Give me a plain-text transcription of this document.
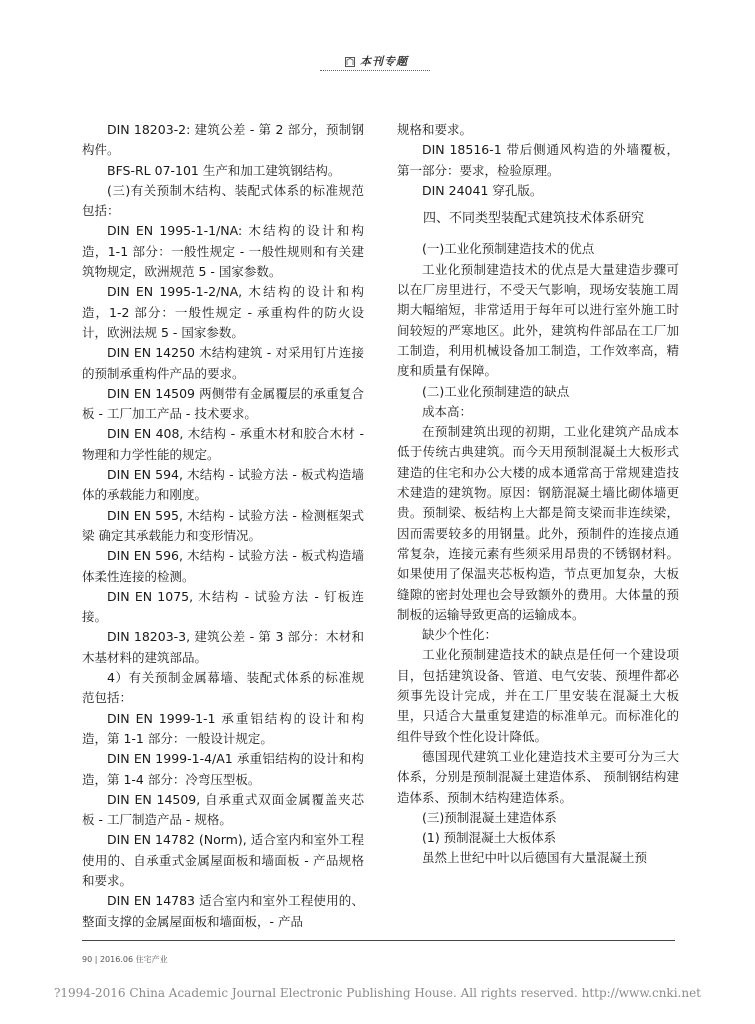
本刊专题

DIN 18203-2: 建筑公差 - 第 2 部分，预制钢构件。

BFS-RL 07-101 生产和加工建筑钢结构。

(三)有关预制木结构、装配式体系的标准规范包括：

DIN EN 1995-1-1/NA: 木结构的设计和构造，1-1 部分：一般性规定 - 一般性规则和有关建筑物规定，欧洲规范 5 - 国家参数。

DIN EN 1995-1-2/NA, 木结构的设计和构造，1-2 部分：一般性规定 - 承重构件的防火设计，欧洲法规 5 - 国家参数。

DIN EN 14250 木结构建筑 - 对采用钉片连接的预制承重构件产品的要求。

DIN EN 14509 两侧带有金属覆层的承重复合板 - 工厂加工产品 - 技术要求。

DIN EN 408, 木结构 - 承重木材和胶合木材 - 物理和力学性能的规定。

DIN EN 594, 木结构 - 试验方法 - 板式构造墙体的承载能力和刚度。

DIN EN 595, 木结构 - 试验方法 - 检测框架式梁 确定其承载能力和变形情况。

DIN EN 596, 木结构 - 试验方法 - 板式构造墙体柔性连接的检测。

DIN EN 1075, 木结构 - 试验方法 - 钉板连接。

DIN 18203-3, 建筑公差 - 第 3 部分：木材和木基材料的建筑部品。

4）有关预制金属幕墙、装配式体系的标准规范包括：

DIN EN 1999-1-1 承重铝结构的设计和构造，第 1-1 部分：一般设计规定。

DIN EN 1999-1-4/A1 承重铝结构的设计和构造，第 1-4 部分：冷弯压型板。

DIN EN 14509, 自承重式双面金属覆盖夹芯板 - 工厂制造产品 - 规格。

DIN EN 14782 (Norm), 适合室内和室外工程使用的、自承重式金属屋面板和墙面板 - 产品规格和要求。

DIN EN 14783 适合室内和室外工程使用的、整面支撑的金属屋面板和墙面板，- 产品

规格和要求。

DIN 18516-1 带后侧通风构造的外墙覆板，第一部分：要求，检验原理。

DIN 24041 穿孔版。

四、不同类型装配式建筑技术体系研究

(一)工业化预制建造技术的优点

工业化预制建造技术的优点是大量建造步骤可以在厂房里进行，不受天气影响，现场安装施工周期大幅缩短，非常适用于每年可以进行室外施工时间较短的严寒地区。此外，建筑构件部品在工厂加工制造，利用机械设备加工制造，工作效率高，精度和质量有保障。

(二)工业化预制建造的缺点

成本高：

在预制建筑出现的初期，工业化建筑产品成本低于传统古典建筑。而今天用预制混凝土大板形式建造的住宅和办公大楼的成本通常高于常规建造技术建造的建筑物。原因：钢筋混凝土墙比砌体墙更贵。预制梁、板结构上大都是简支梁而非连续梁，因而需要较多的用钢量。此外，预制件的连接点通常复杂，连接元素有些须采用昂贵的不锈钢材料。如果使用了保温夹芯板构造，节点更加复杂，大板缝隙的密封处理也会导致额外的费用。大体量的预制板的运输导致更高的运输成本。

缺少个性化：

工业化预制建造技术的缺点是任何一个建设项目，包括建筑设备、管道、电气安装、预埋件都必须事先设计完成，并在工厂里安装在混凝土大板里，只适合大量重复建造的标准单元。而标准化的组件导致个性化设计降低。

德国现代建筑工业化建造技术主要可分为三大体系，分别是预制混凝土建造体系、 预制钢结构建造体系、预制木结构建造体系。

(三)预制混凝土建造体系

(1) 预制混凝土大板体系

虽然上世纪中叶以后德国有大量混凝土预

90 | 2016.06 住宅产业
?1994-2016 China Academic Journal Electronic Publishing House. All rights reserved. http://www.cnki.net
